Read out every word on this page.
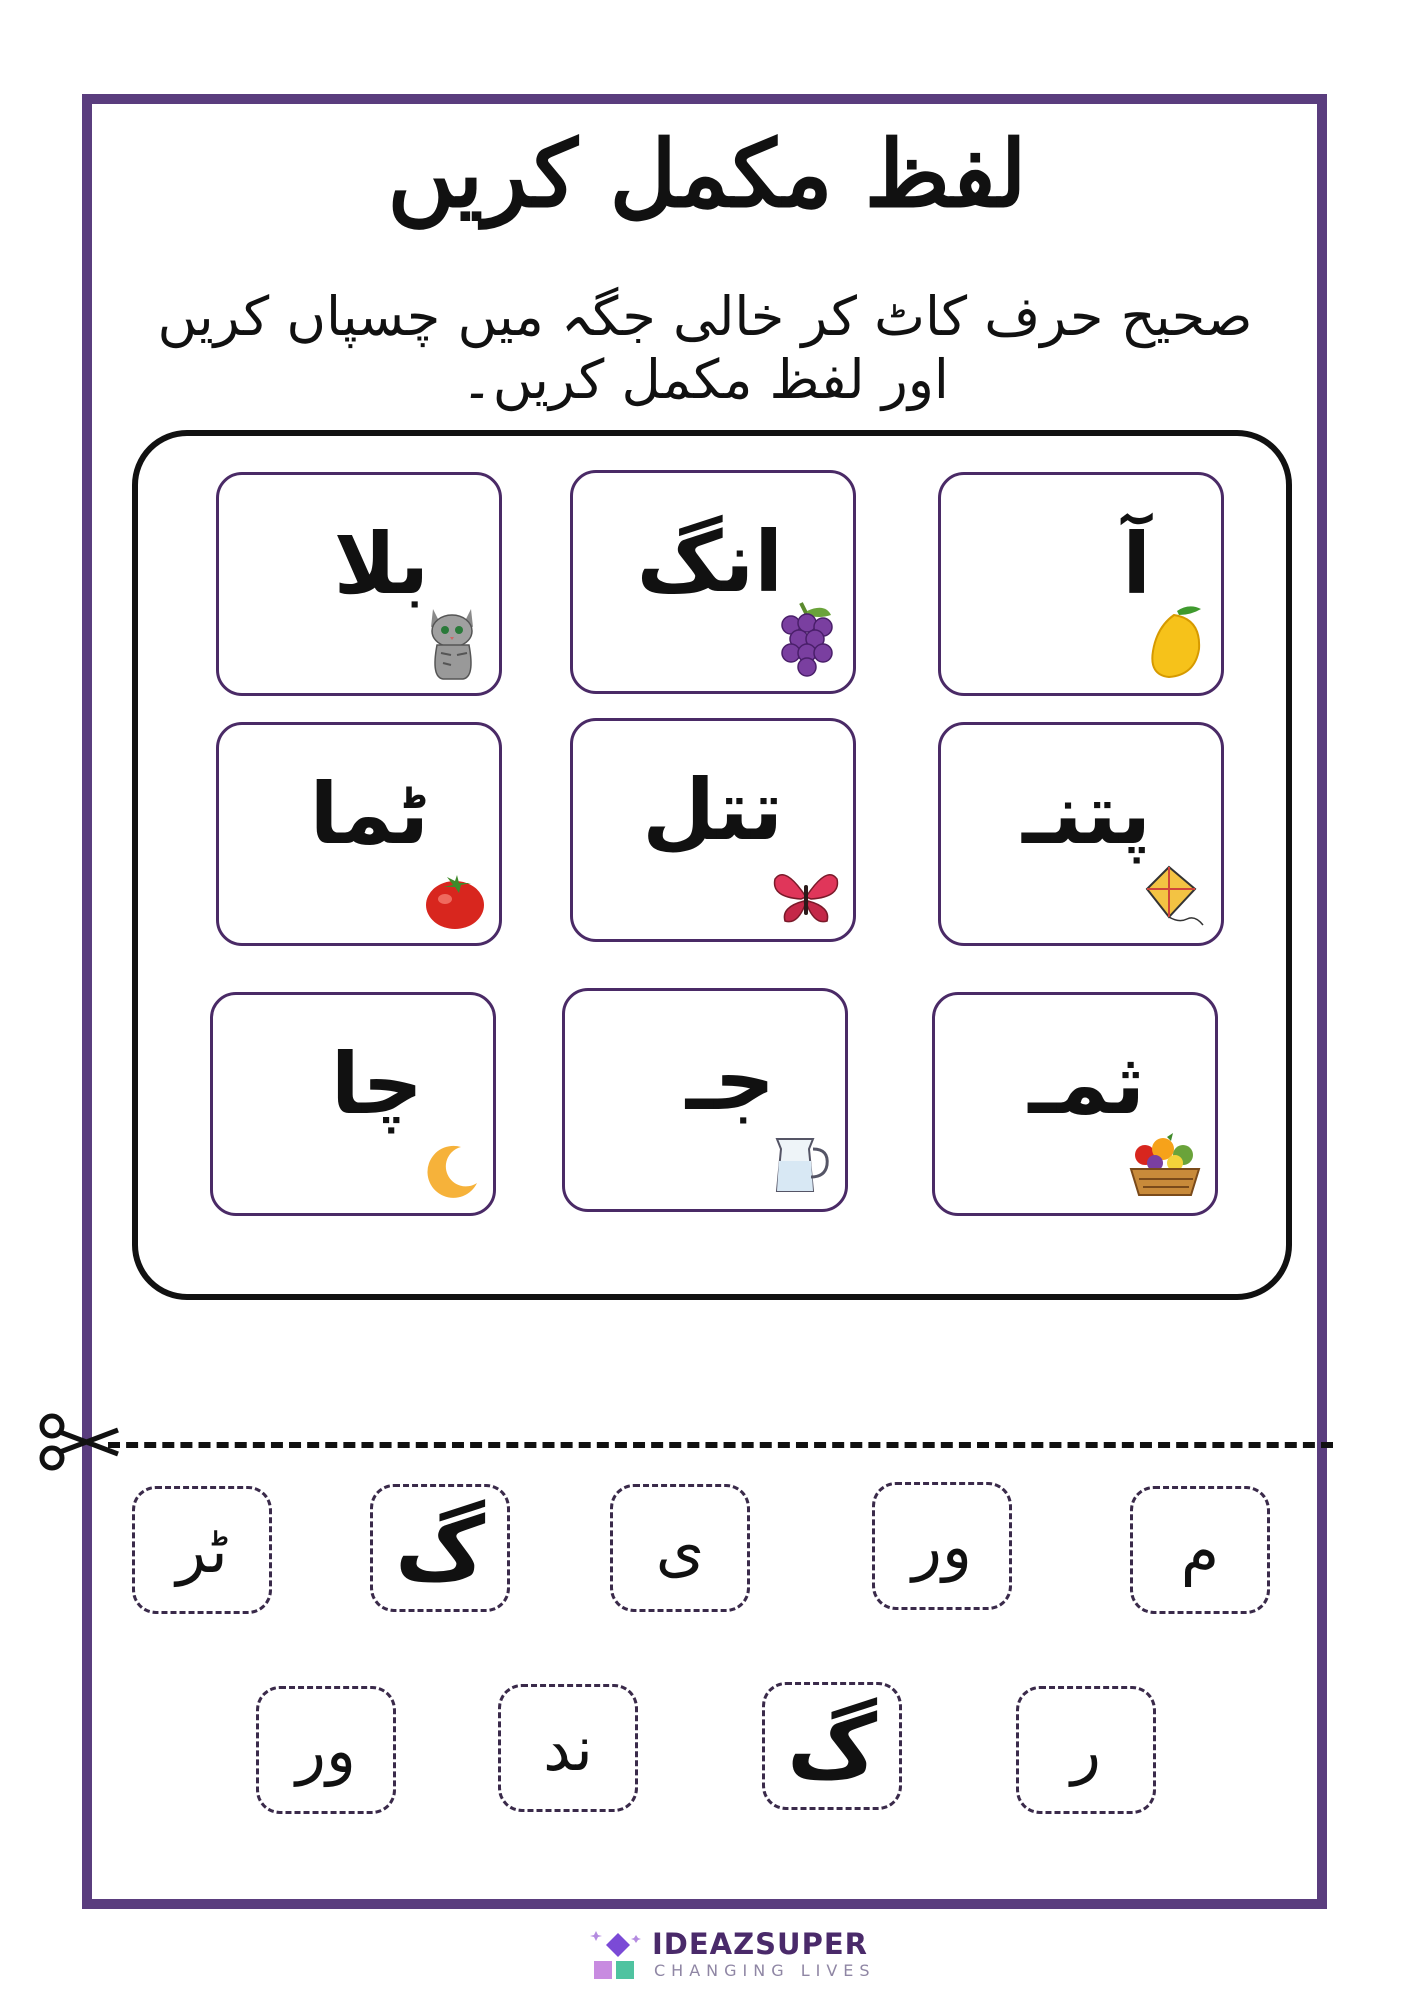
لفظ مکمل کریں
صحیح حرف کاٹ کر خالی جگہ میں چسپاں کریں اور لفظ مکمل کریں۔
آ
انگ
بلا
پتنـ
تتل
ٹما
ثمـ
جـ
چا
م
ور
ی
گ
ٹر
ر
گ
ند
ور
IDEAZSUPER
CHANGING LIVES
